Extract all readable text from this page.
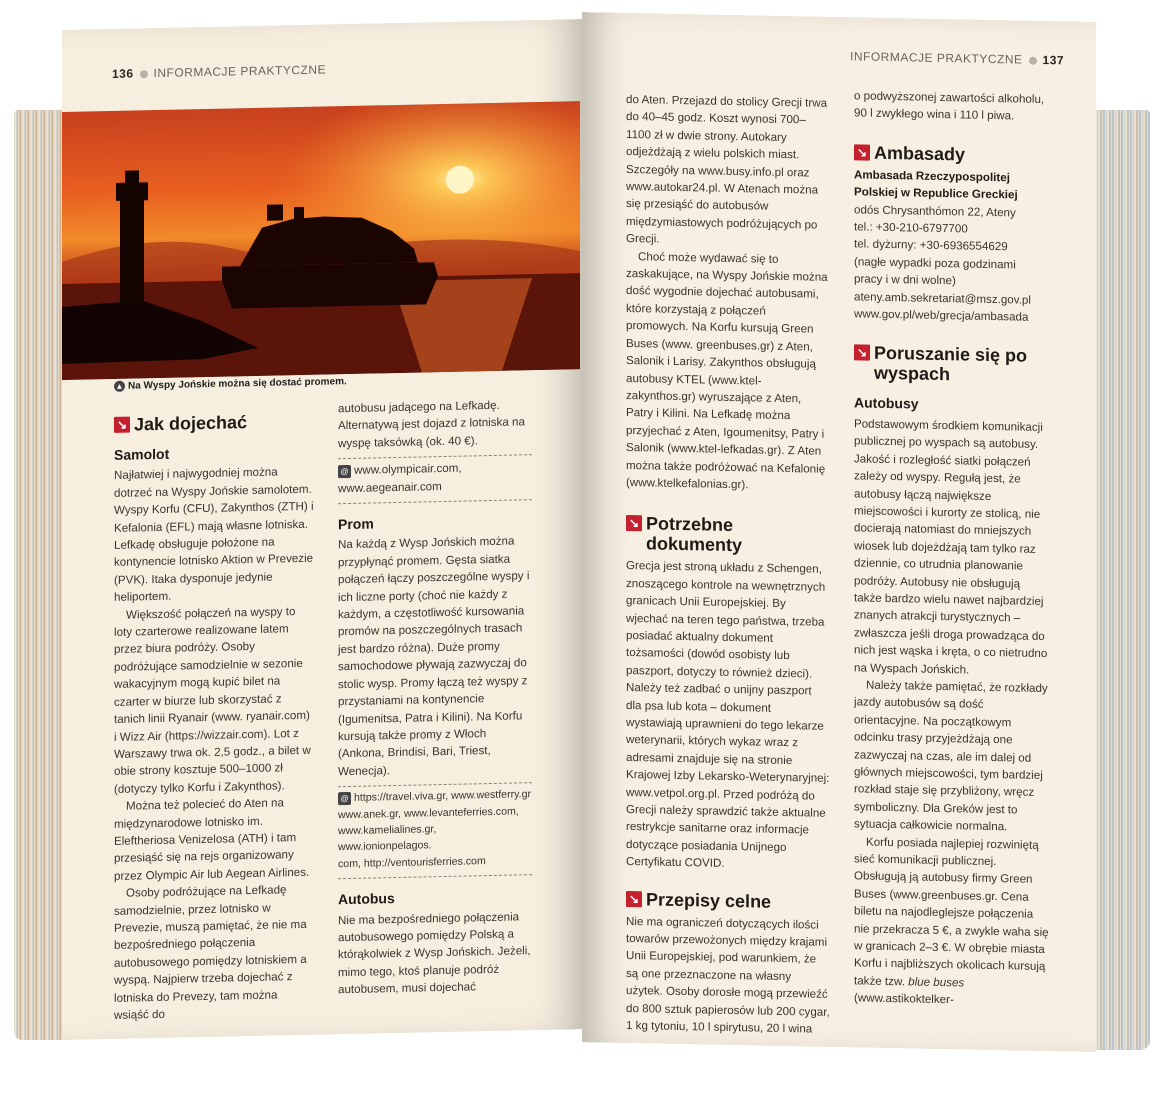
136 INFORMACJE PRAKTYCZNE
▲ Na Wyspy Jońskie można się dostać promem.
↘ Jak dojechać
Samolot

Najłatwiej i najwygodniej można dotrzeć na Wyspy Jońskie samolotem. Wyspy Korfu (CFU), Zakynthos (ZTH) i Kefalonia (EFL) mają własne lotniska. Lefkadę obsługuje położone na kontynencie lotnisko Aktion w Prevezie (PVK). Itaka dysponuje jedynie heliportem.

Większość połączeń na wyspy to loty czarterowe realizowane latem przez biura podróży. Osoby podróżujące samodzielnie w sezonie wakacyjnym mogą kupić bilet na czarter w biurze lub skorzystać z tanich linii Ryanair (www. ryanair.com) i Wizz Air (https://wizzair.com). Lot z Warszawy trwa ok. 2,5 godz., a bilet w obie strony kosztuje 500–1000 zł (dotyczy tylko Korfu i Zakynthos).

Można też polecieć do Aten na międzynarodowe lotnisko im. Eleftheriosa Venizelosa (ATH) i tam przesiąść się na rejs organizowany przez Olympic Air lub Aegean Airlines.

Osoby podróżujące na Lefkadę samodzielnie, przez lotnisko w Prevezie, muszą pamiętać, że nie ma bezpośredniego połączenia autobusowego pomiędzy lotniskiem a wyspą. Najpierw trzeba dojechać z lotniska do Prevezy, tam można wsiąść do

autobusu jadącego na Lefkadę. Alternatywą jest dojazd z lotniska na wyspę taksówką (ok. 40 €).

@ www.olympicair.com,
www.aegeanair.com
Prom

Na każdą z Wysp Jońskich można przypłynąć promem. Gęsta siatka połączeń łączy poszczególne wyspy i ich liczne porty (choć nie każdy z każdym, a częstotliwość kursowania promów na poszczególnych trasach jest bardzo różna). Duże promy samochodowe pływają zazwyczaj do stolic wysp. Promy łączą też wyspy z przystaniami na kontynencie (Igumenitsa, Patra i Kilini). Na Korfu kursują także promy z Włoch (Ankona, Brindisi, Bari, Triest, Wenecja).

@ https://travel.viva.gr, www.westferry.gr
www.anek.gr, www.levanteferries.com,
www.kamelialines.gr, www.ionionpelagos.
com, http://ventourisferries.com
Autobus

Nie ma bezpośredniego połączenia autobusowego pomiędzy Polską a którąkolwiek z Wysp Jońskich. Jeżeli, mimo tego, ktoś planuje podróż autobusem, musi dojechać

INFORMACJE PRAKTYCZNE 137

do Aten. Przejazd do stolicy Grecji trwa do 40–45 godz. Koszt wynosi 700–1100 zł w dwie strony. Autokary odjeżdżają z wielu polskich miast. Szczegóły na www.busy.info.pl oraz www.autokar24.pl. W Atenach można się przesiąść do autobusów międzymiastowych podróżujących po Grecji.

Choć może wydawać się to zaskakujące, na Wyspy Jońskie można dość wygodnie dojechać autobusami, które korzystają z połączeń promowych. Na Korfu kursują Green Buses (www. greenbuses.gr) z Aten, Salonik i Larisy. Zakynthos obsługują autobusy KTEL (www.ktel-zakynthos.gr) wyruszające z Aten, Patry i Kilini. Na Lefkadę można przyjechać z Aten, Igoumenitsy, Patry i Salonik (www.ktel-lefkadas.gr). Z Aten można także podróżować na Kefalonię (www.ktelkefalonias.gr).

↘ Potrzebne dokumenty

Grecja jest stroną układu z Schengen, znoszącego kontrole na wewnętrznych granicach Unii Europejskiej. By wjechać na teren tego państwa, trzeba posiadać aktualny dokument tożsamości (dowód osobisty lub paszport, dotyczy to również dzieci). Należy też zadbać o unijny paszport dla psa lub kota – dokument wystawiają uprawnieni do tego lekarze weterynarii, których wykaz wraz z adresami znajduje się na stronie Krajowej Izby Lekarsko-Weterynaryjnej: www.vetpol.org.pl. Przed podróżą do Grecji należy sprawdzić także aktualne restrykcje sanitarne oraz informacje dotyczące posiadania Unijnego Certyfikatu COVID.

↘ Przepisy celne

Nie ma ograniczeń dotyczących ilości towarów przewożonych między krajami Unii Europejskiej, pod warunkiem, że są one przeznaczone na własny użytek. Osoby dorosłe mogą przewieźć do 800 sztuk papierosów lub 200 cygar, 1 kg tytoniu, 10 l spirytusu, 20 l wina

o podwyższonej zawartości alkoholu, 90 l zwykłego wina i 110 l piwa.

↘ Ambasady

Ambasada Rzeczypospolitej Polskiej w Republice Greckiej

odós Chrysanthómon 22, Ateny
tel.: +30-210-6797700
tel. dyżurny: +30-6936554629
(nagłe wypadki poza godzinami
pracy i w dni wolne)
ateny.amb.sekretariat@msz.gov.pl
www.gov.pl/web/grecja/ambasada
↘ Poruszanie się po wyspach
Autobusy

Podstawowym środkiem komunikacji publicznej po wyspach są autobusy. Jakość i rozległość siatki połączeń zależy od wyspy. Regułą jest, że autobusy łączą największe miejscowości i kurorty ze stolicą, nie docierają natomiast do mniejszych wiosek lub dojeżdżają tam tylko raz dziennie, co utrudnia planowanie podróży. Autobusy nie obsługują także bardzo wielu nawet najbardziej znanych atrakcji turystycznych – zwłaszcza jeśli droga prowadząca do nich jest wąska i kręta, o co nietrudno na Wyspach Jońskich.

Należy także pamiętać, że rozkłady jazdy autobusów są dość orientacyjne. Na początkowym odcinku trasy przyjeżdżają one zazwyczaj na czas, ale im dalej od głównych miejscowości, tym bardziej rozkład staje się przybliżony, wręcz symboliczny. Dla Greków jest to sytuacja całkowicie normalna.

Korfu posiada najlepiej rozwiniętą sieć komunikacji publicznej. Obsługują ją autobusy firmy Green Buses (www.greenbuses.gr. Cena biletu na najodleglejsze połączenia nie przekracza 5 €, a zwykle waha się w granicach 2–3 €. W obrębie miasta Korfu i najbliższych okolicach kursują także tzw. blue buses (www.astikoktelker-
